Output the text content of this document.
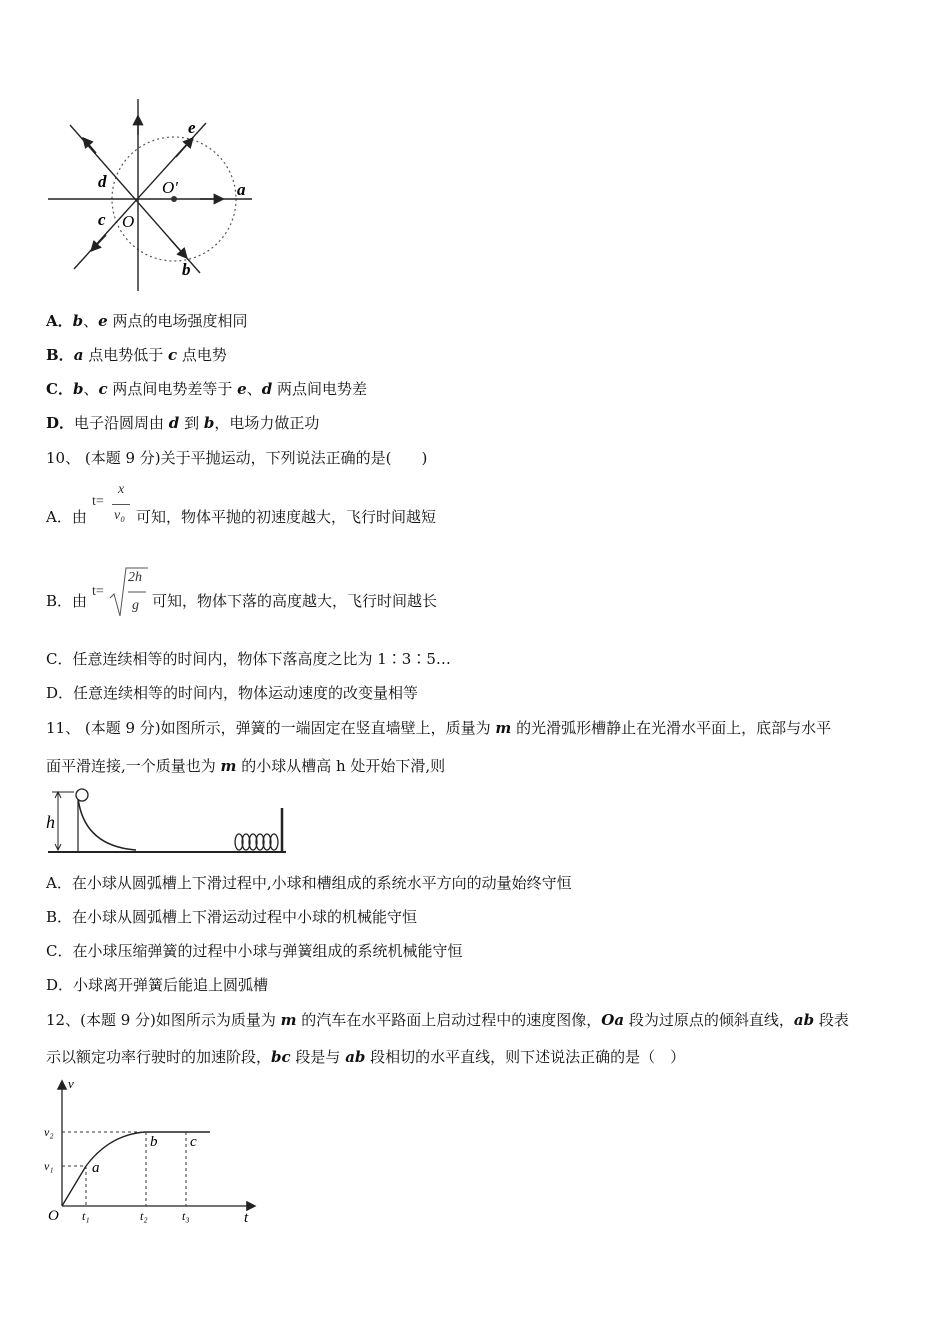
e
a
d
c
b
O
O′
A．b、e 两点的电场强度相同
B．a 点电势低于 c 点电势
C．b、c 两点间电势差等于 e、d 两点间电势差
D．电子沿圆周由 d 到 b，电场力做正功
10、 (本题 9 分)关于平抛运动，下列说法正确的是(　　)
A．由
t=
x
v₀ 可知，物体平抛的初速度越大，飞行时间越短
B．由
t=
2h
g 可知，物体下落的高度越大，飞行时间越长
C．任意连续相等的时间内，物体下落高度之比为 1∶3∶5…
D．任意连续相等的时间内，物体运动速度的改变量相等
11、 (本题 9 分)如图所示，弹簧的一端固定在竖直墙壁上，质量为 m 的光滑弧形槽静止在光滑水平面上，底部与水平
面平滑连接,一个质量也为 m 的小球从槽高 h 处开始下滑,则
h
A．在小球从圆弧槽上下滑过程中,小球和槽组成的系统水平方向的动量始终守恒
B．在小球从圆弧槽上下滑运动过程中小球的机械能守恒
C．在小球压缩弹簧的过程中小球与弹簧组成的系统机械能守恒
D．小球离开弹簧后能追上圆弧槽
12、(本题 9 分)如图所示为质量为 m 的汽车在水平路面上启动过程中的速度图像，Oa 段为过原点的倾斜直线，ab 段表
示以额定功率行驶时的加速阶段，bc 段是与 ab 段相切的水平直线，则下述说法正确的是（　）
v
t
O
v₂
v₁
t₁	t₂	t₃
a
b c
